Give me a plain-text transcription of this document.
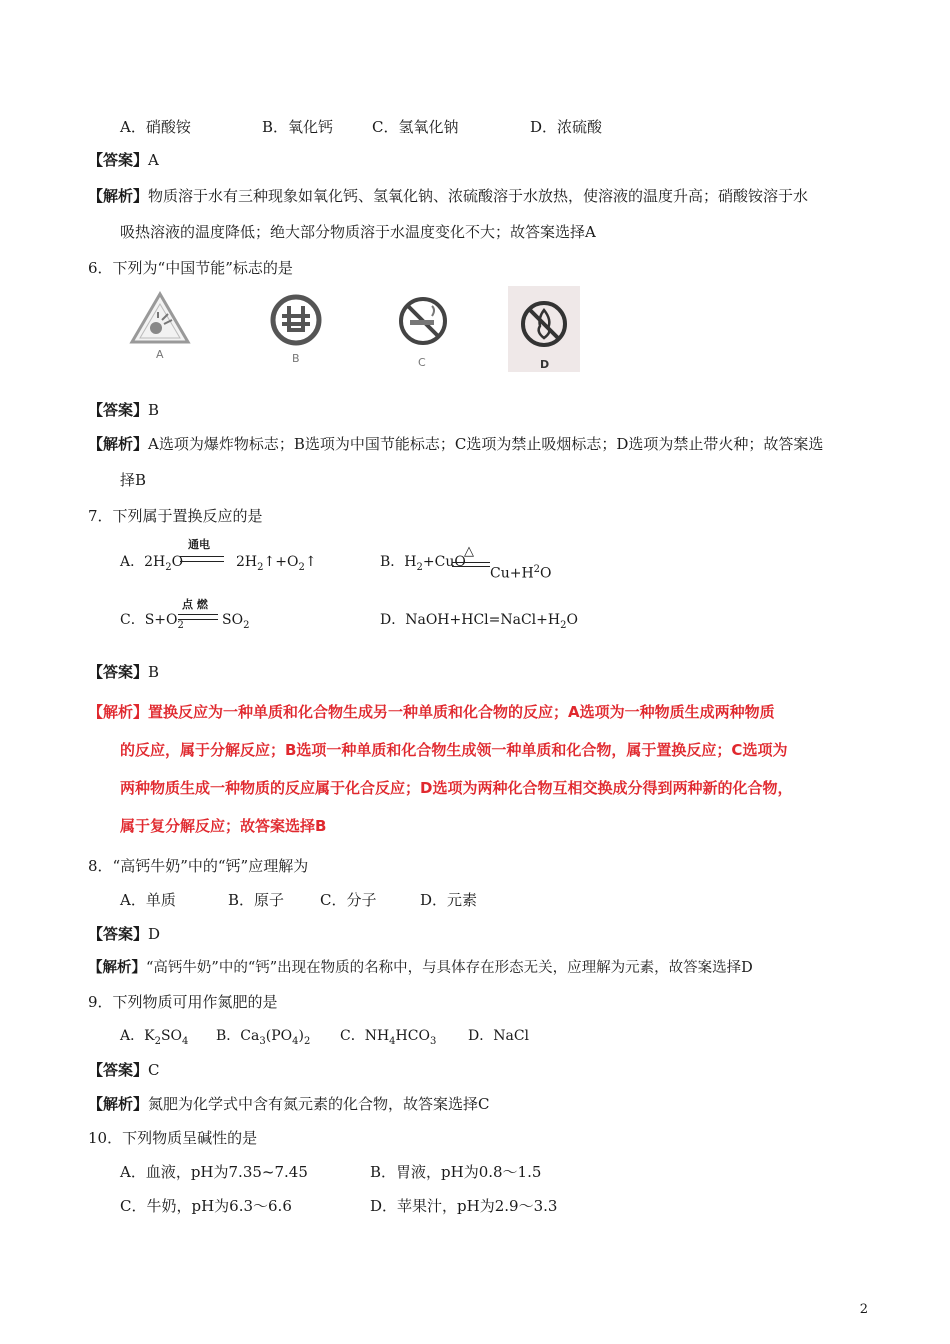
A．硝酸铵	B．氧化钙	C．氢氧化钠	D．浓硫酸
【答案】A
【解析】物质溶于水有三种现象如氧化钙、氢氧化钠、浓硫酸溶于水放热，使溶液的温度升高；硝酸铵溶于水
吸热溶液的温度降低；绝大部分物质溶于水温度变化不大；故答案选择A
6．下列为“中国节能”标志的是
A	B	C	D
【答案】B
【解析】A选项为爆炸物标志；B选项为中国节能标志；C选项为禁止吸烟标志；D选项为禁止带火种；故答案选
择B
7．下列属于置换反应的是
A．$2H_2O$
通电
$2H_2↑+O_2↑$	B．$H_2+CuO$
△
$Cu+H^2O$
C．$S+O_2$
点 燃
$SO_2$	D．$NaOH+HCl=NaCl+H_2O$
【答案】B
【解析】置换反应为一种单质和化合物生成另一种单质和化合物的反应；A选项为一种物质生成两种物质
的反应，属于分解反应；B选项一种单质和化合物生成领一种单质和化合物，属于置换反应；C选项为
两种物质生成一种物质的反应属于化合反应；D选项为两种化合物互相交换成分得到两种新的化合物，
属于复分解反应；故答案选择B
8．“高钙牛奶”中的“钙”应理解为
A．单质	B．原子 C．分子	D．元素
【答案】D
【解析】“高钙牛奶”中的“钙”出现在物质的名称中，与具体存在形态无关，应理解为元素，故答案选择D
9．下列物质可用作氮肥的是
A．$K_2SO_4$ B．$Ca_3(PO_4)_2$ C．$NH_4HCO_3$ D．NaCl
【答案】C
【解析】氮肥为化学式中含有氮元素的化合物，故答案选择C
10．下列物质呈碱性的是
A．血液，pH为7.35~7.45	B．胃液，pH为0.8～1.5
C．牛奶，pH为6.3～6.6	D．苹果汁，pH为2.9～3.3
2
